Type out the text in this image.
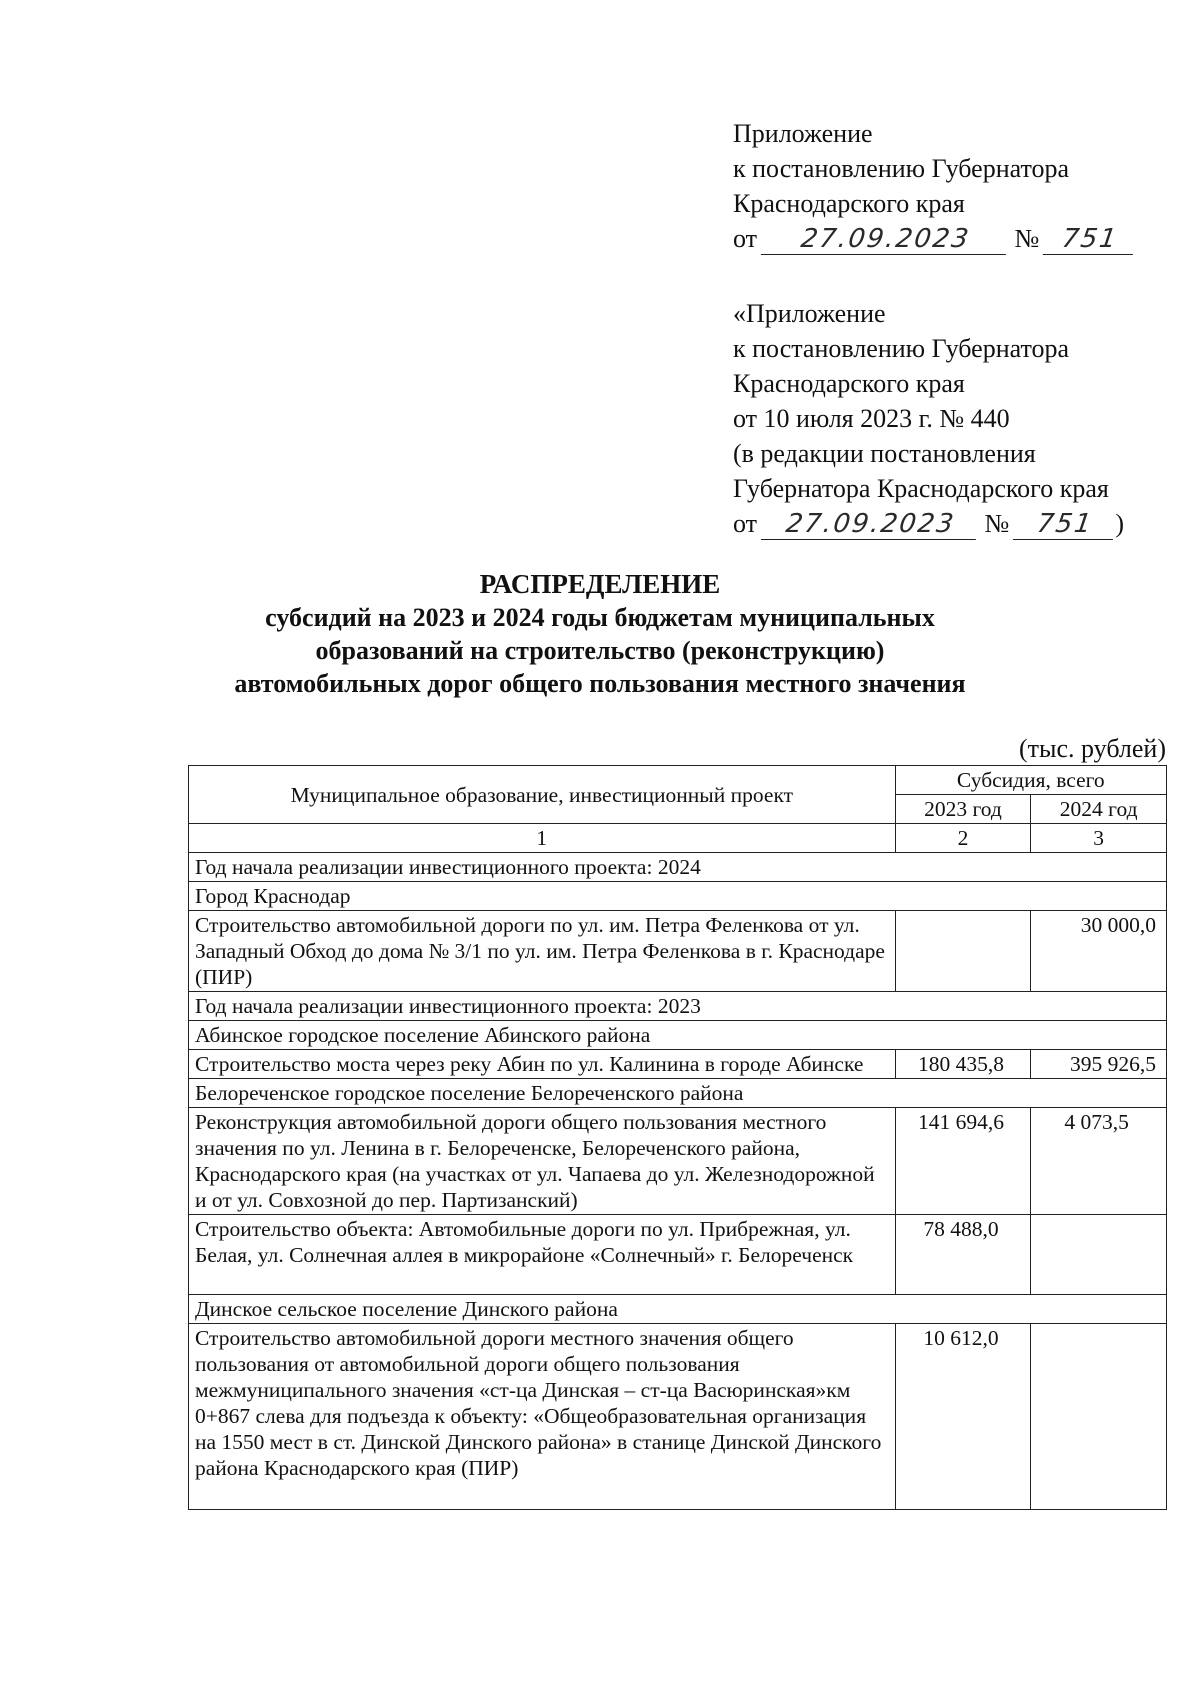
Приложение
к постановлению Губернатора
Краснодарского края
от 27.09.2023 № 751
«Приложение
к постановлению Губернатора
Краснодарского края
от 10 июля 2023 г. № 440
(в редакции постановления
Губернатора Краснодарского края
от 27.09.2023 № 751 )
РАСПРЕДЕЛЕНИЕ
субсидий на 2023 и 2024 годы бюджетам муниципальных
образований на строительство (реконструкцию)
автомобильных дорог общего пользования местного значения
(тыс. рублей)
Муниципальное образование, инвестиционный проект	Субсидия, всего	
	2023 год	2024 год
1	2	3
Год начала реализации инвестиционного проекта: 2024		
Город Краснодар		
Строительство автомобильной дороги по ул. им. Петра Феленкова от ул. Западный Обход до дома № 3/1 по ул. им. Петра Феленкова в г. Краснодаре (ПИР)		30 000,0
Год начала реализации инвестиционного проекта: 2023		
Абинское городское поселение Абинского района		
Строительство моста через реку Абин по ул. Калинина в городе Абинске	180 435,8	395 926,5
Белореченское городское поселение Белореченского района		
Реконструкция автомобильной дороги общего пользования местного значения по ул. Ленина в г. Белореченске, Белореченского района, Краснодарского края (на участках от ул. Чапаева до ул. Железнодорожной и от ул. Совхозной до пер. Партизанский)	141 694,6	4 073,5
Строительство объекта: Автомобильные дороги по ул. Прибрежная, ул. Белая, ул. Солнечная аллея в микрорайоне «Солнечный» г. Белореченск	78 488,0	
Динское сельское поселение Динского района		
Строительство автомобильной дороги местного значения общего пользования от автомобильной дороги общего пользования межмуниципального значения «ст-ца Динская – ст-ца Васюринская»км 0+867 слева для подъезда к объекту: «Общеобразовательная организация на 1550 мест в ст. Динской Динского района» в станице Динской Динского района Краснодарского края (ПИР)	10 612,0	
